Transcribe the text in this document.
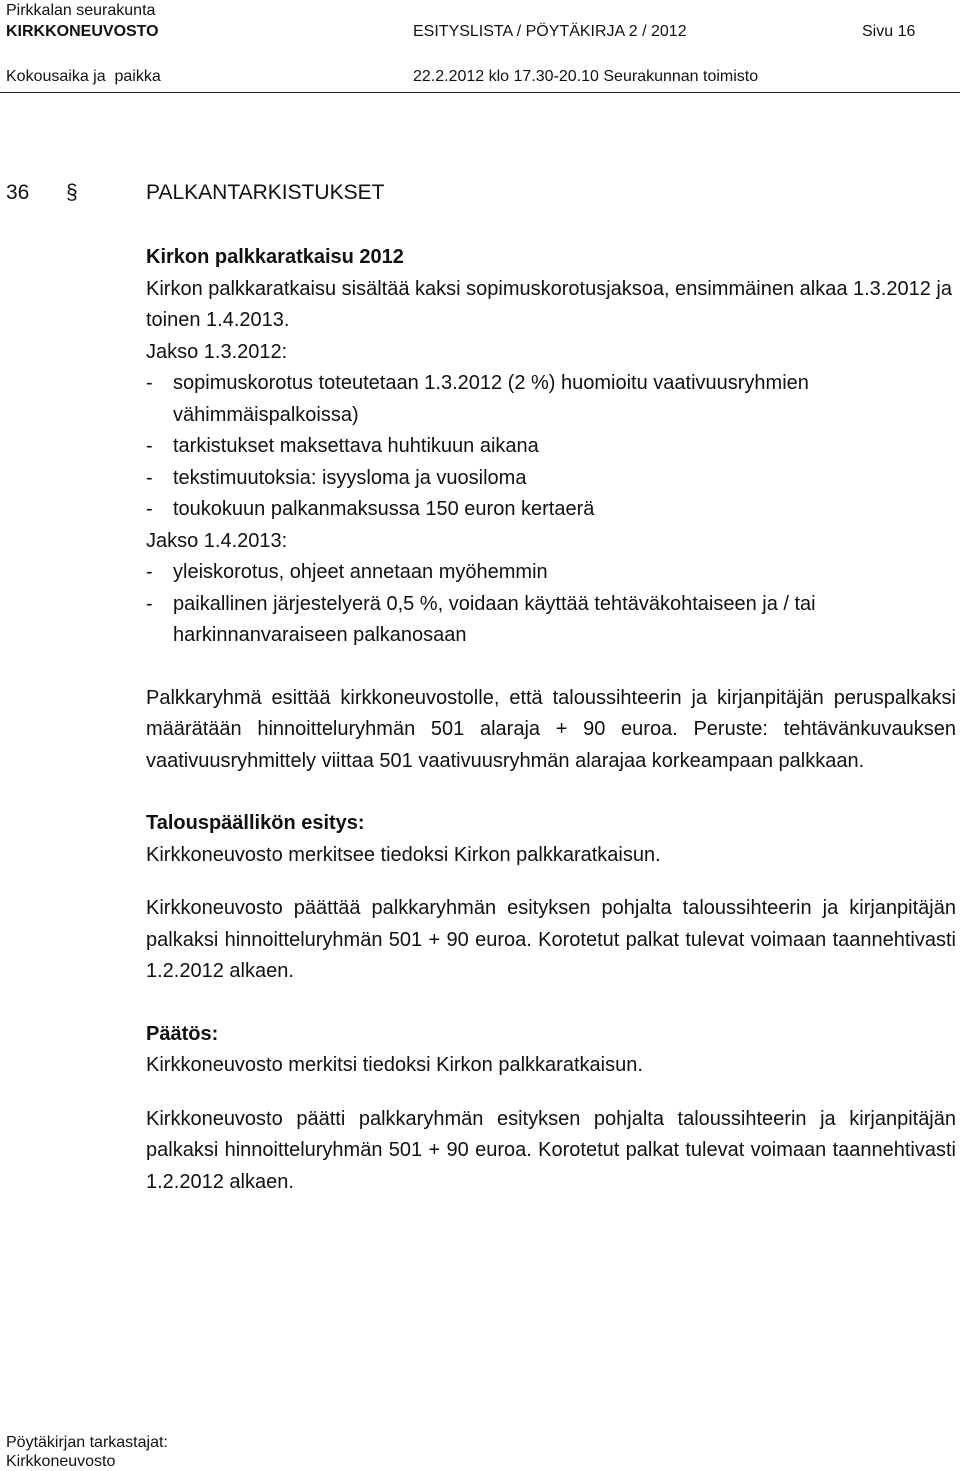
Pirkkalan seurakunta
KIRKKONEUVOSTO	ESITYSLISTA / PÖYTÄKIRJA 2 / 2012	Sivu 16
Kokousaika ja  paikka	22.2.2012 klo 17.30-20.10 Seurakunnan toimisto
36 §	PALKANTARKISTUKSET

Kirkon palkkaratkaisu 2012

Kirkon palkkaratkaisu sisältää kaksi sopimuskorotusjaksoa, ensimmäinen alkaa 1.3.2012 ja toinen 1.4.2013.

Jakso 1.3.2012:

- sopimuskorotus toteutetaan 1.3.2012 (2 %) huomioitu vaativuusryhmien vähimmäispalkoissa)
- tarkistukset maksettava huhtikuun aikana
- tekstimuutoksia: isyysloma ja vuosiloma
- toukokuun palkanmaksussa 150 euron kertaerä

Jakso 1.4.2013:

- yleiskorotus, ohjeet annetaan myöhemmin
- paikallinen järjestelyerä 0,5 %, voidaan käyttää tehtäväkohtaiseen ja / tai harkinnanvaraiseen palkanosaan

Palkkaryhmä esittää kirkkoneuvostolle, että taloussihteerin ja kirjanpitäjän peruspalkaksi määrätään hinnoitteluryhmän 501 alaraja + 90 euroa. Peruste: tehtävänkuvauksen vaativuusryhmittely viittaa 501 vaativuusryhmän alarajaa korkeampaan palkkaan.

Talouspäällikön esitys:

Kirkkoneuvosto merkitsee tiedoksi Kirkon palkkaratkaisun.

Kirkkoneuvosto päättää palkkaryhmän esityksen pohjalta taloussihteerin ja kirjanpitäjän palkaksi hinnoitteluryhmän 501 + 90 euroa. Korotetut palkat tulevat voimaan taannehtivasti 1.2.2012 alkaen.

Päätös:

Kirkkoneuvosto merkitsi tiedoksi Kirkon palkkaratkaisun.

Kirkkoneuvosto päätti palkkaryhmän esityksen pohjalta taloussihteerin ja kirjanpitäjän palkaksi hinnoitteluryhmän 501 + 90 euroa. Korotetut palkat tulevat voimaan taannehtivasti 1.2.2012 alkaen.

Pöytäkirjan tarkastajat:
Kirkkoneuvosto
